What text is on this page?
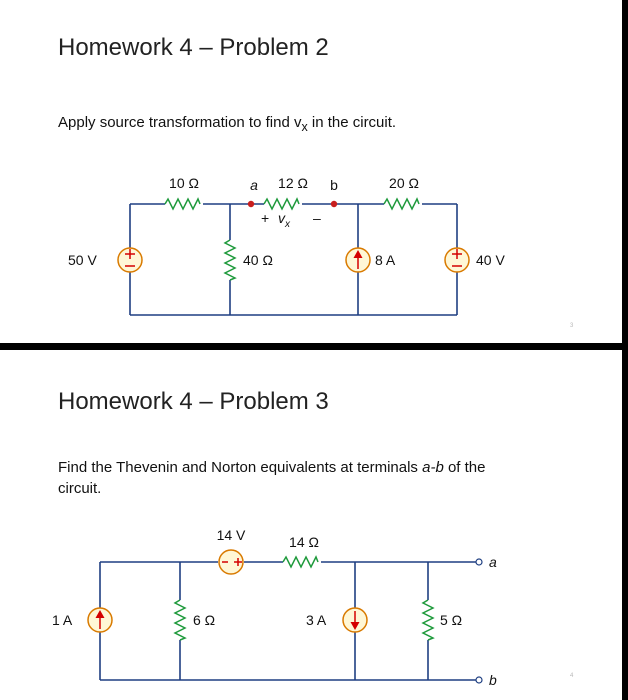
Homework 4 – Problem 2

Apply source transformation to find $v_x$ in the circuit.

10 Ω	a 12 Ω b	20 Ω
+ $v_x$ –
50 V	40 Ω	8 A	40 V
3
Homework 4 – Problem 3

Find the Thevenin and Norton equivalents at terminals a-b of the circuit.

14 V	14 Ω
a
b
1 A	6 Ω	3 A	5 Ω
4
